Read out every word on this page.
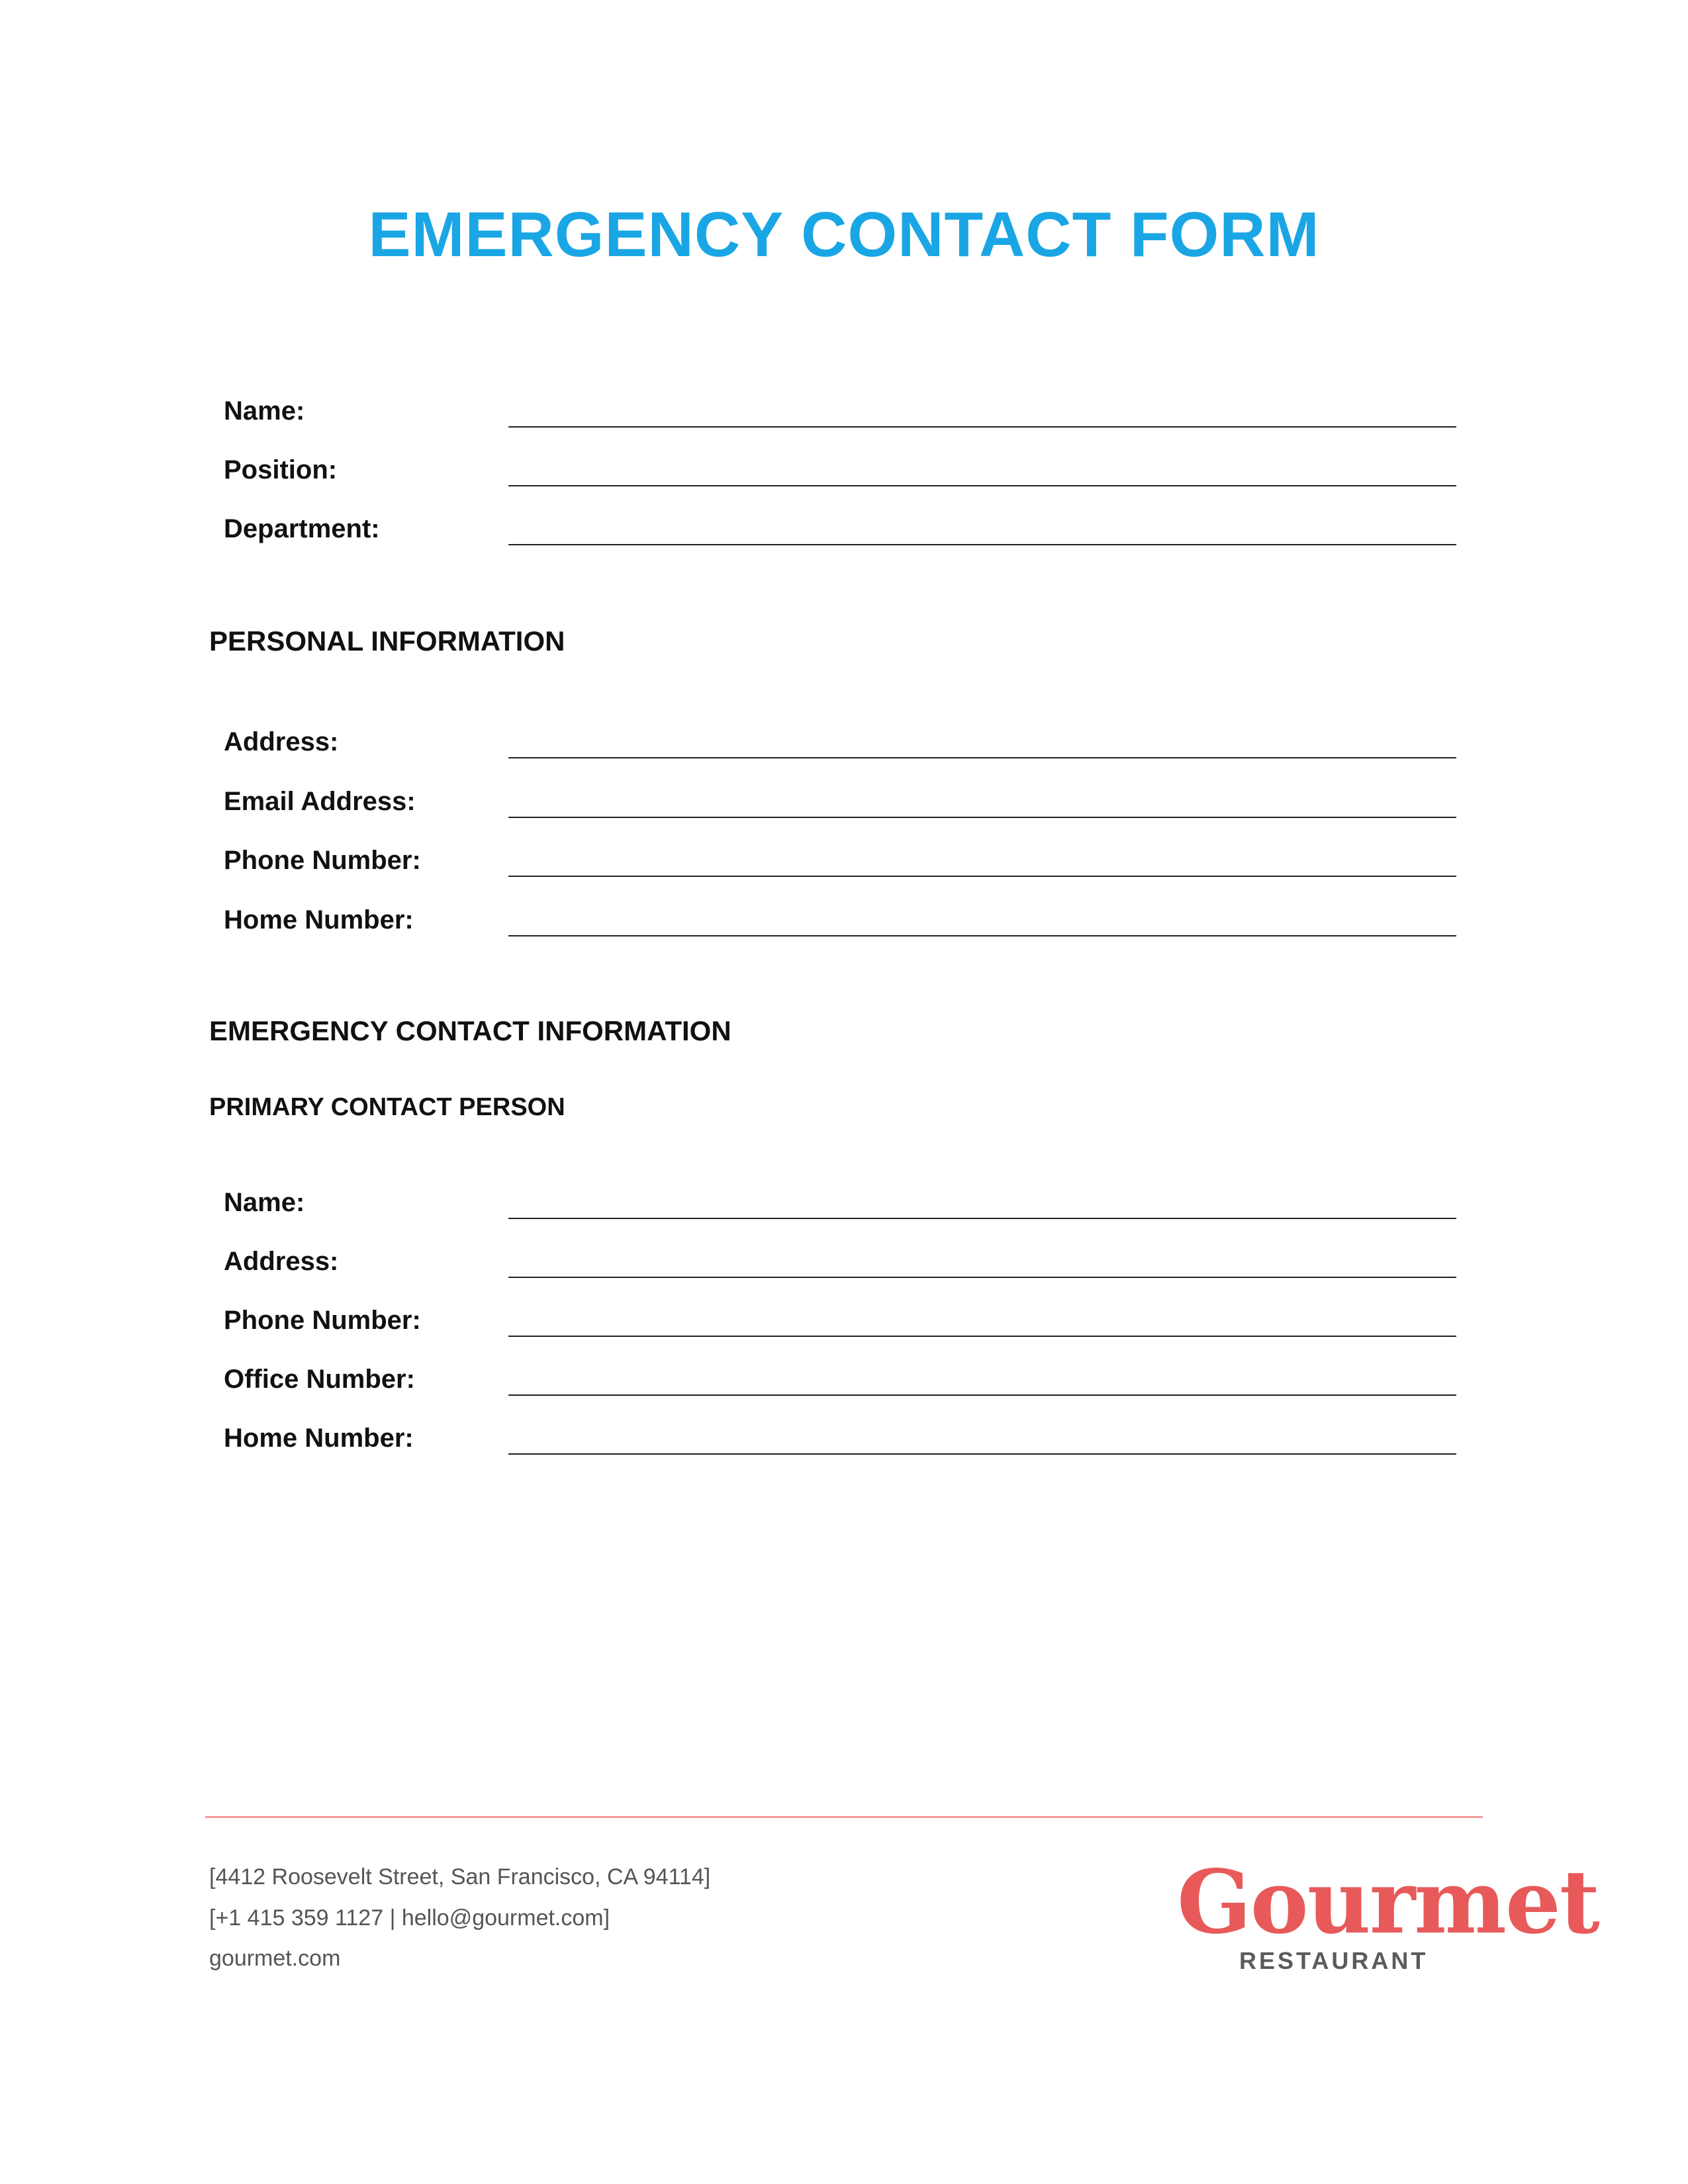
EMERGENCY CONTACT FORM
Name:
Position:
Department:
PERSONAL INFORMATION
Address:
Email Address:
Phone Number:
Home Number:
EMERGENCY CONTACT INFORMATION
PRIMARY CONTACT PERSON
Name:
Address:
Phone Number:
Office Number:
Home Number:
[4412 Roosevelt Street, San Francisco, CA 94114]
[+1 415 359 1127 | hello@gourmet.com]
gourmet.com
Gourmet
RESTAURANT
